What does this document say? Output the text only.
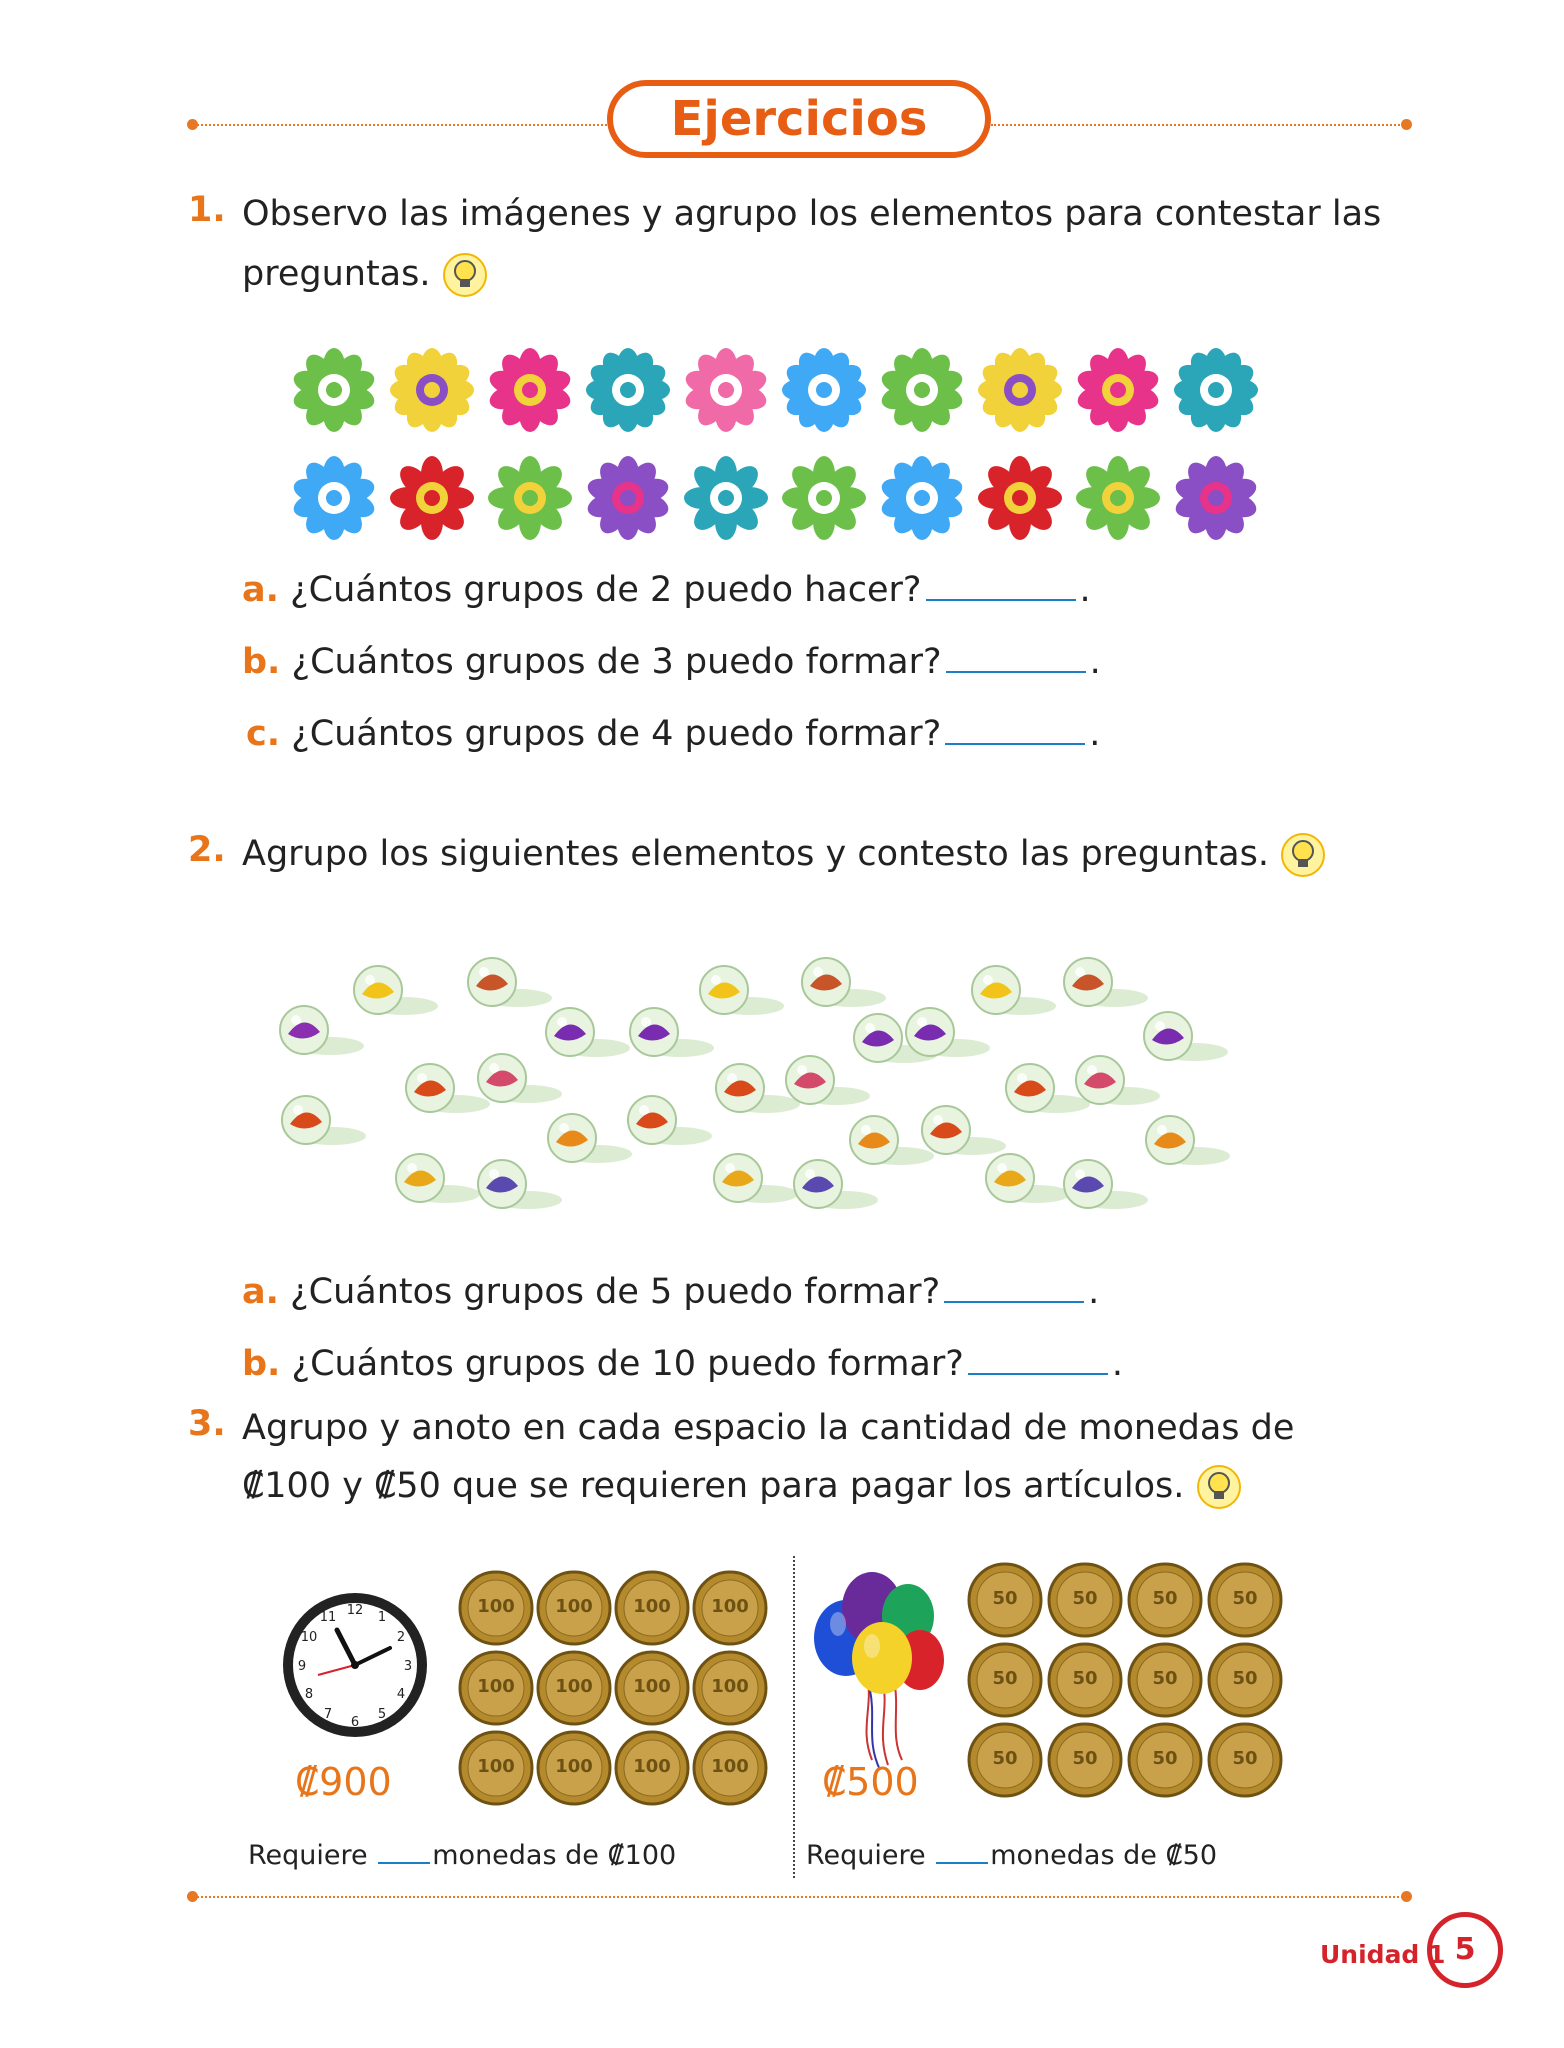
Ejercicios
1. Observo las imágenes y agrupo los elementos para contestar las
preguntas.
a. ¿Cuántos grupos de 2 puedo hacer?	.
b. ¿Cuántos grupos de 3 puedo formar?	.
c. ¿Cuántos grupos de 4 puedo formar?	.
2. Agrupo los siguientes elementos y contesto las preguntas.
a. ¿Cuántos grupos de 5 puedo formar?	.
b. ¿Cuántos grupos de 10 puedo formar?	.
3. Agrupo y anoto en cada espacio la cantidad de monedas de
₡100 y ₡50 que se requieren para pagar los artículos.
12 1
2
3
4
5
6
7
8
9
10
11
100 100 100 100
100 100 100 100
100 100 100 100
₡900
Requiere monedas de ₡100
50	50	50	50
50	50	50	50
50	50	50	50
₡500
Requiere monedas de ₡50
Unidad 1 5
